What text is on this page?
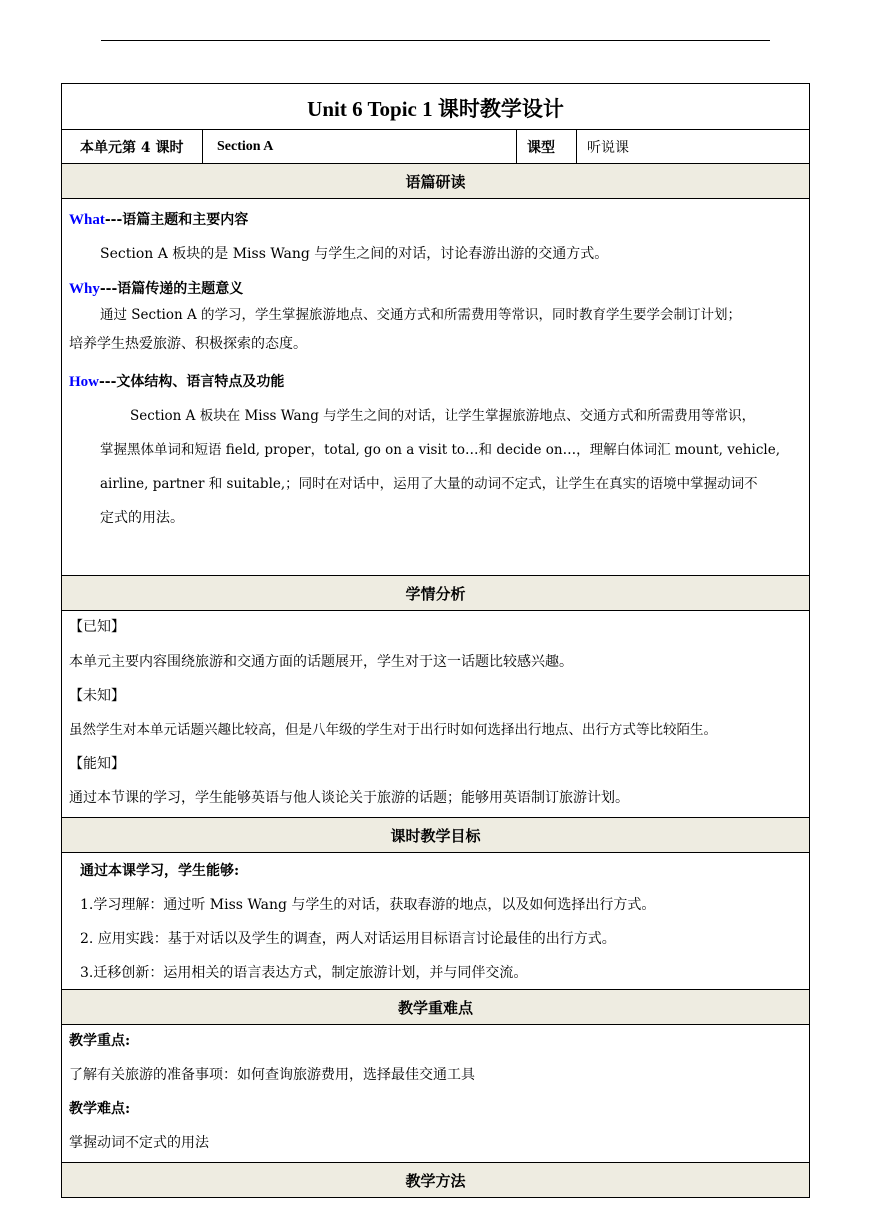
Unit 6 Topic 1 课时教学设计
本单元第 4 课时	Section A	课型	听说课
语篇研读

What---语篇主题和主要内容
Section A 板块的是 Miss Wang 与学生之间的对话，讨论春游出游的交通方式。
Why---语篇传递的主题意义
通过 Section A 的学习，学生掌握旅游地点、交通方式和所需费用等常识，同时教育学生要学会制订计划；
培养学生热爱旅游、积极探索的态度。
How---文体结构、语言特点及功能
Section A 板块在 Miss Wang 与学生之间的对话，让学生掌握旅游地点、交通方式和所需费用等常识，
掌握黑体单词和短语 field, proper，total, go on a visit to…和 decide on…，理解白体词汇 mount, vehicle,
airline, partner 和 suitable,；同时在对话中，运用了大量的动词不定式，让学生在真实的语境中掌握动词不
定式的用法。

学情分析

【已知】
本单元主要内容围绕旅游和交通方面的话题展开，学生对于这一话题比较感兴趣。
【未知】
虽然学生对本单元话题兴趣比较高，但是八年级的学生对于出行时如何选择出行地点、出行方式等比较陌生。
【能知】
通过本节课的学习，学生能够英语与他人谈论关于旅游的话题；能够用英语制订旅游计划。

课时教学目标

通过本课学习，学生能够:
1.学习理解：通过听 Miss Wang 与学生的对话，获取春游的地点，以及如何选择出行方式。
2. 应用实践：基于对话以及学生的调查，两人对话运用目标语言讨论最佳的出行方式。
3.迁移创新：运用相关的语言表达方式，制定旅游计划，并与同伴交流。

教学重难点

教学重点:
了解有关旅游的准备事项：如何查询旅游费用，选择最佳交通工具
教学难点:
掌握动词不定式的用法

教学方法
